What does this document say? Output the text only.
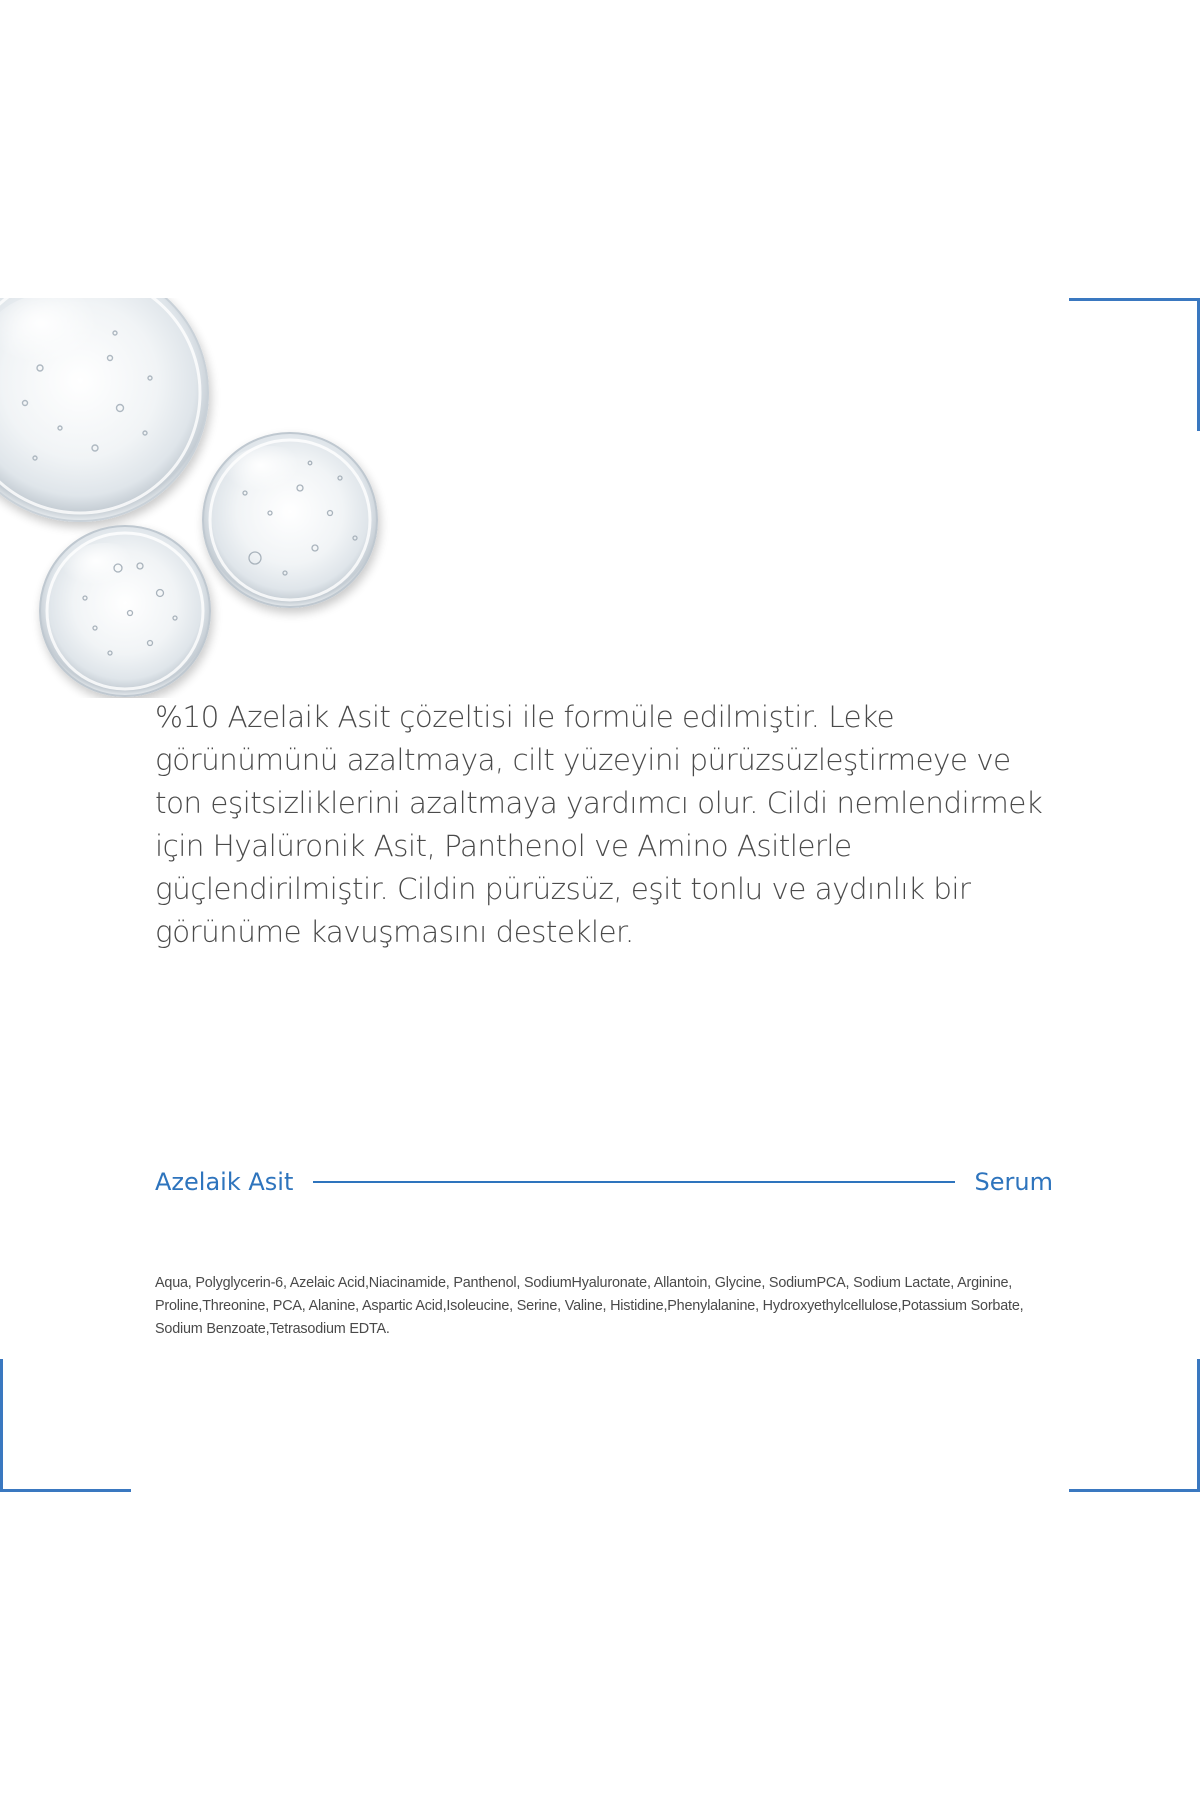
%10 Azelaik Asit çözeltisi ile formüle edilmiştir. Leke görünümünü azaltmaya, cilt yüzeyini pürüzsüzleştirmeye ve ton eşitsizliklerini azaltmaya yardımcı olur. Cildi nemlendirmek için Hyalüronik Asit, Panthenol ve Amino Asitlerle güçlendirilmiştir. Cildin pürüzsüz, eşit tonlu ve aydınlık bir görünüme kavuşmasını destekler.

Azelaik Asit	Serum

Aqua, Polyglycerin-6, Azelaic Acid,Niacinamide, Panthenol, SodiumHyaluronate, Allantoin, Glycine, SodiumPCA, Sodium Lactate, Arginine, Proline,Threonine, PCA, Alanine, Aspartic Acid,Isoleucine, Serine, Valine, Histidine,Phenylalanine, Hydroxyethylcellulose,Potassium Sorbate, Sodium Benzoate,Tetrasodium EDTA.
